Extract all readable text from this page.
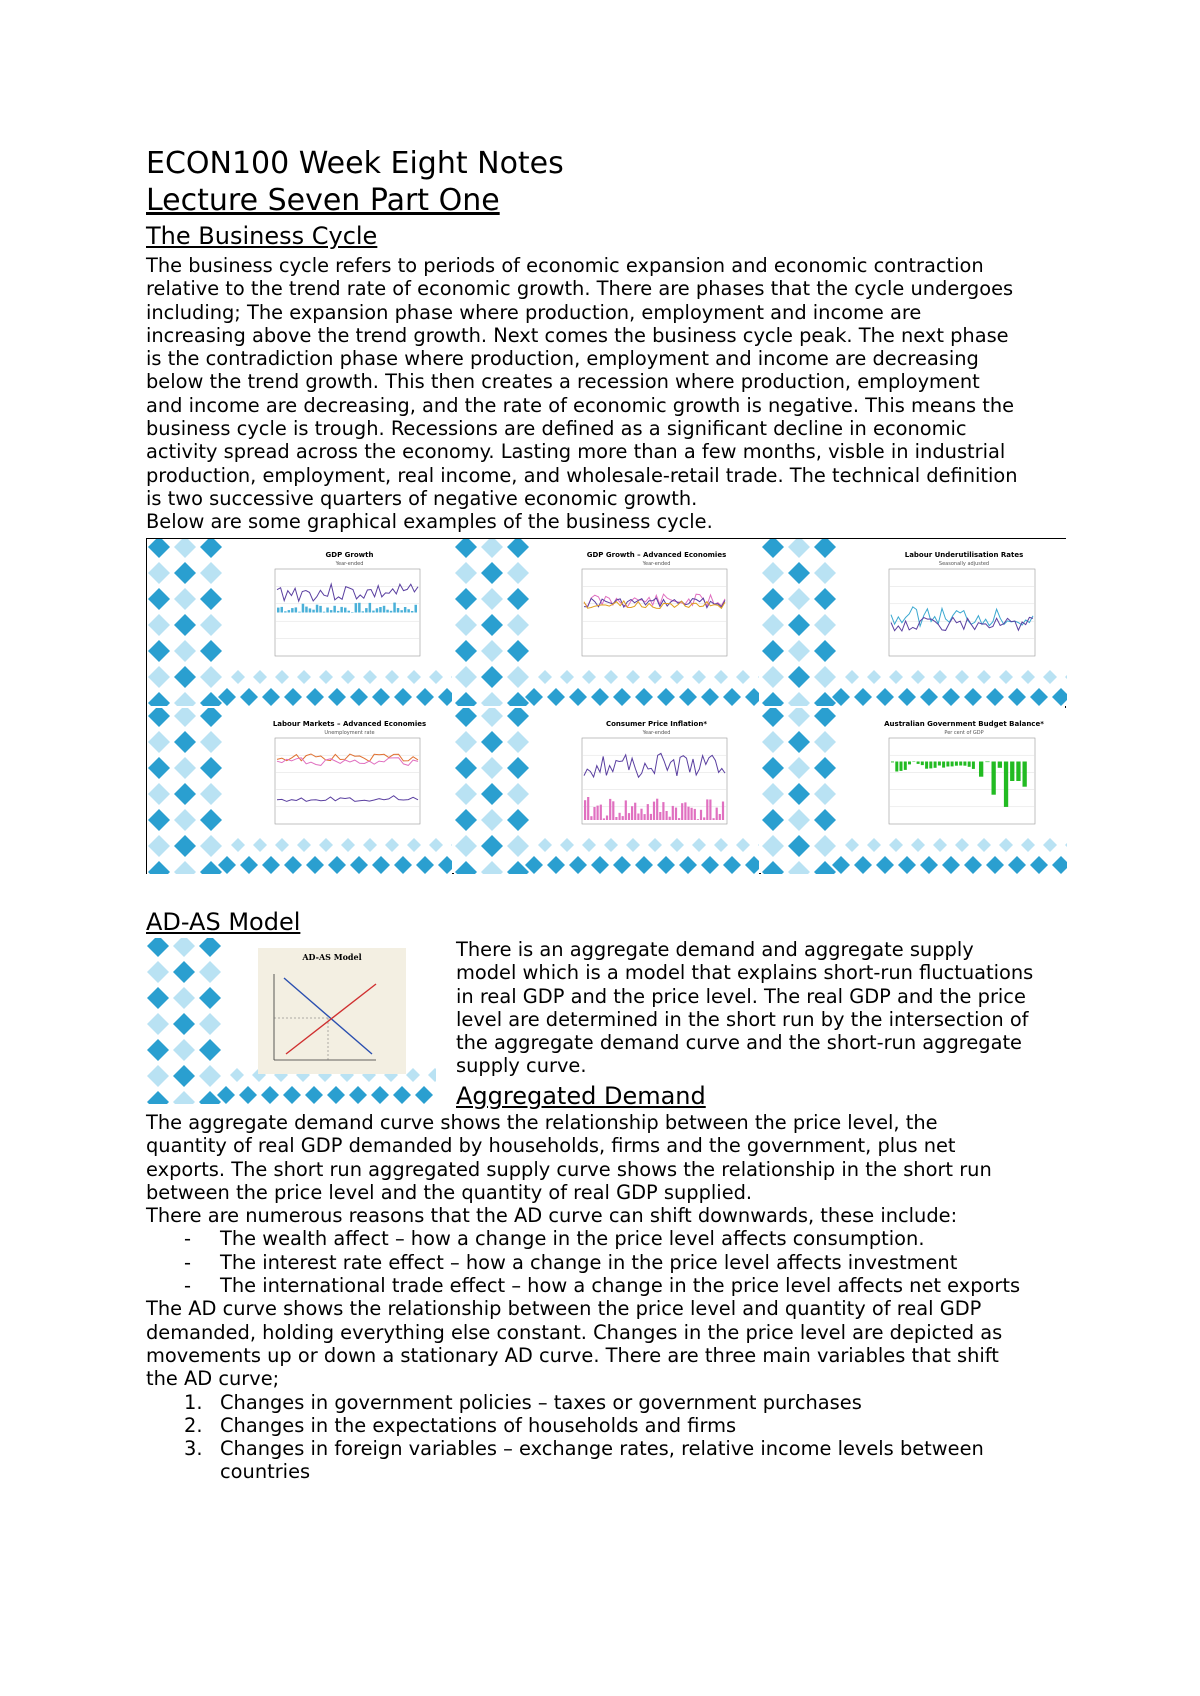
ECON100 Week Eight Notes
Lecture Seven Part One
The Business Cycle
The business cycle refers to periods of economic expansion and economic contraction
relative to the trend rate of economic growth. There are phases that the cycle undergoes
including; The expansion phase where production, employment and income are
increasing above the trend growth. Next comes the business cycle peak. The next phase
is the contradiction phase where production, employment and income are decreasing
below the trend growth. This then creates a recession where production, employment
and income are decreasing, and the rate of economic growth is negative. This means the
business cycle is trough. Recessions are defined as a significant decline in economic
activity spread across the economy. Lasting more than a few months, visble in industrial
production, employment, real income, and wholesale-retail trade. The technical definition
is two successive quarters of negative economic growth.
Below are some graphical examples of the business cycle.
GDP Growth
Year-ended
GDP Growth – Advanced Economies
Year-ended
Labour Underutilisation Rates
Seasonally adjusted
Labour Markets – Advanced Economies
Unemployment rate
Consumer Price Inflation*
Year-ended
Australian Government Budget Balance*
Per cent of GDP
AD-AS Model
AD-AS Model	There is an aggregate demand and aggregate supply
model which is a model that explains short-run fluctuations
in real GDP and the price level. The real GDP and the price
level are determined in the short run by the intersection of
the aggregate demand curve and the short-run aggregate
supply curve.
Aggregated Demand
The aggregate demand curve shows the relationship between the price level, the
quantity of real GDP demanded by households, firms and the government, plus net
exports. The short run aggregated supply curve shows the relationship in the short run
between the price level and the quantity of real GDP supplied.
There are numerous reasons that the AD curve can shift downwards, these include:
- The wealth affect – how a change in the price level affects consumption.
- The interest rate effect – how a change in the price level affects investment
- The international trade effect – how a change in the price level affects net exports
The AD curve shows the relationship between the price level and quantity of real GDP
demanded, holding everything else constant. Changes in the price level are depicted as
movements up or down a stationary AD curve. There are three main variables that shift
the AD curve;
1. Changes in government policies – taxes or government purchases
2. Changes in the expectations of households and firms
3. Changes in foreign variables – exchange rates, relative income levels between
countries
